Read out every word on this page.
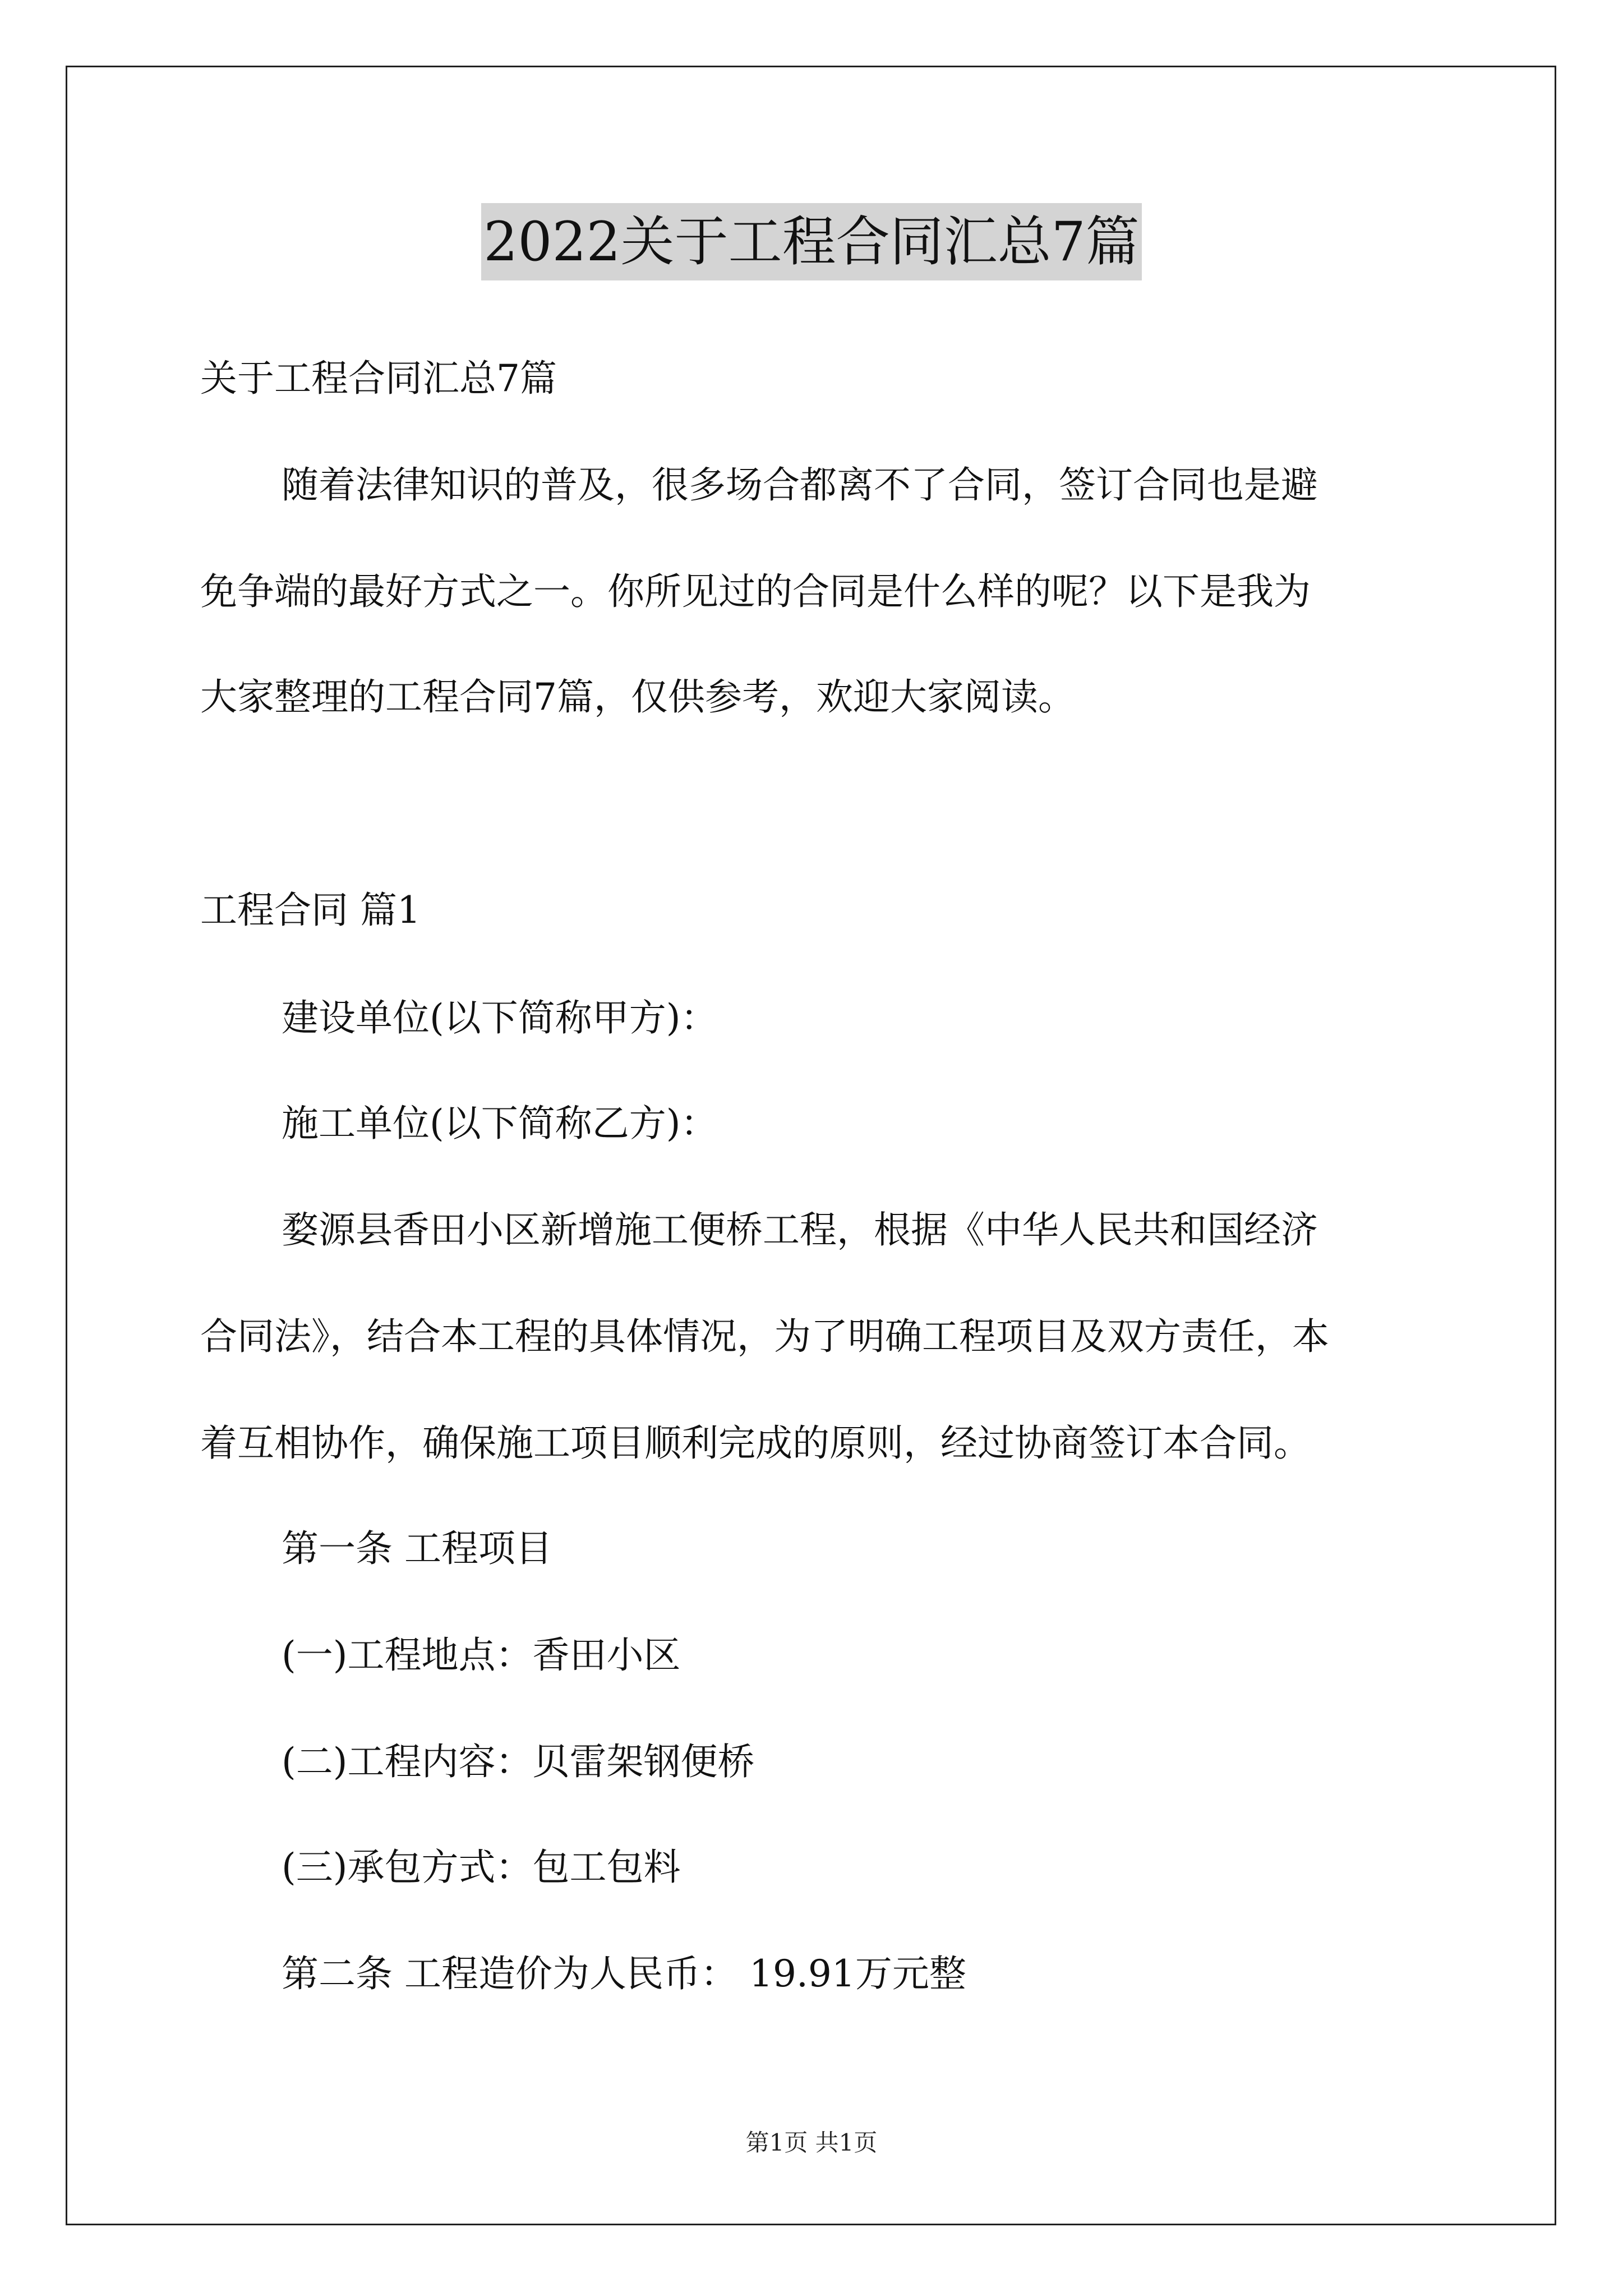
2022关于工程合同汇总7篇
关于工程合同汇总7篇
随着法律知识的普及，很多场合都离不了合同，签订合同也是避
免争端的最好方式之一。你所见过的合同是什么样的呢？以下是我为
大家整理的工程合同7篇，仅供参考，欢迎大家阅读。
工程合同 篇1
建设单位(以下简称甲方)：
施工单位(以下简称乙方)：
婺源县香田小区新增施工便桥工程，根据《中华人民共和国经济
合同法》，结合本工程的具体情况，为了明确工程项目及双方责任，本
着互相协作，确保施工项目顺利完成的原则，经过协商签订本合同。
第一条 工程项目
(一)工程地点：香田小区
(二)工程内容：贝雷架钢便桥
(三)承包方式：包工包料
第二条 工程造价为人民币： 19.91万元整
第1页 共1页
